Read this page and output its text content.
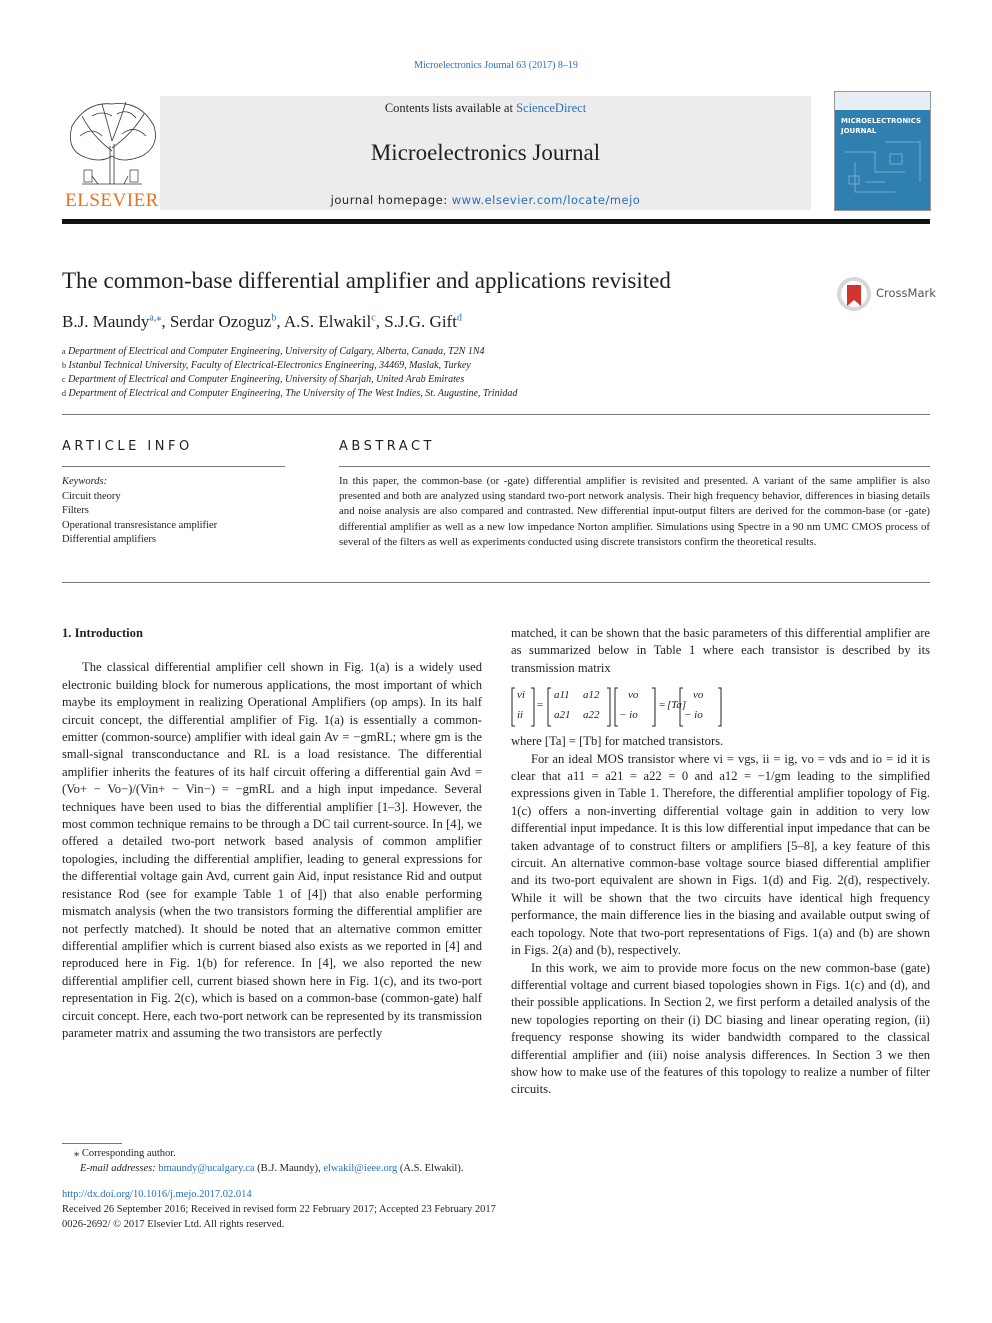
Microelectronics Journal 63 (2017) 8–19
ELSEVIER
Contents lists available at ScienceDirect
Microelectronics Journal
journal homepage: www.elsevier.com/locate/mejo
MICROELECTRONICS JOURNAL
The common-base differential amplifier and applications revisited	CrossMark
B.J. Maundy$^{a,⁎}$, Serdar Ozoguz$^b$, A.S. Elwakil$^c$, S.J.G. Gift$^d$
$^a$ Department of Electrical and Computer Engineering, University of Calgary, Alberta, Canada, T2N 1N4
$^b$ Istanbul Technical University, Faculty of Electrical-Electronics Engineering, 34469, Maslak, Turkey
$^c$ Department of Electrical and Computer Engineering, University of Sharjah, United Arab Emirates
$^d$ Department of Electrical and Computer Engineering, The University of The West Indies, St. Augustine, Trinidad
ARTICLE INFO	ABSTRACT
Keywords:
Circuit theory
Filters
Operational transresistance amplifier
Differential amplifiers
In this paper, the common-base (or -gate) differential amplifier is revisited and presented. A variant of the same amplifier is also presented and both are analyzed using standard two-port network analysis. Their high frequency behavior, differences in biasing details and noise analysis are also compared and contrasted. New differential input-output filters are derived for the common-base (or -gate) differential amplifier as well as a new low impedance Norton amplifier. Simulations using Spectre in a 90 nm UMC CMOS process of several of the filters as well as experiments conducted using discrete transistors confirm the theoretical results.
1. Introduction

The classical differential amplifier cell shown in Fig. 1(a) is a widely used electronic building block for numerous applications, the most important of which maybe its employment in realizing Operational Amplifiers (op amps). In its half circuit concept, the differential amplifier of Fig. 1(a) is essentially a common-emitter (common-source) amplifier with ideal gain Av = −gmRL; where gm is the small-signal transconductance and RL is a load resistance. The differential amplifier inherits the features of its half circuit offering a differential gain Avd = (Vo+ − Vo−)/(Vin+ − Vin−) = −gmRL and a high input impedance. Several techniques have been used to bias the differential amplifier [1–3]. However, the most common technique remains to be through a DC tail current-source. In [4], we offered a detailed two-port network based analysis of common amplifier topologies, including the differential amplifier, leading to general expressions for the differential voltage gain Avd, current gain Aid, input resistance Rid and output resistance Rod (see for example Table 1 of [4]) that also enable performing mismatch analysis (when the two transistors forming the differential amplifier are not perfectly matched). It should be noted that an alternative common emitter differential amplifier which is current biased also exists as we reported in [4] and reproduced here in Fig. 1(b) for reference. In [4], we also reported the new differential amplifier cell, current biased shown here in Fig. 1(c), and its two-port representation in Fig. 2(c), which is based on a common-base (common-gate) half circuit concept. Here, each two-port network can be represented by its transmission parameter matrix and assuming the two transistors are perfectly

matched, it can be shown that the basic parameters of this differential amplifier are as summarized below in Table 1 where each transistor is described by its transmission matrix

vi
ii
=
a11 a12
a21 a22
vo
− io
= [Ta]
vo
− io

where [Ta] = [Tb] for matched transistors.

For an ideal MOS transistor where vi = vgs, ii = ig, vo = vds and io = id it is clear that a11 = a21 = a22 = 0 and a12 = −1/gm leading to the simplified expressions given in Table 1. Therefore, the differential amplifier topology of Fig. 1(c) offers a non-inverting differential voltage gain in addition to very low differential input impedance. It is this low differential input impedance that can be taken advantage of to construct filters or amplifiers [5–8], a key feature of this circuit. An alternative common-base voltage source biased differential amplifier and its two-port equivalent are shown in Figs. 1(d) and Fig. 2(d), respectively. While it will be shown that the two circuits have identical high frequency performance, the main difference lies in the biasing and available output swing of each topology. Note that two-port representations of Figs. 1(a) and (b) are shown in Figs. 2(a) and (b), respectively.

In this work, we aim to provide more focus on the new common-base (gate) differential voltage and current biased topologies shown in Figs. 1(c) and (d), and their possible applications. In Section 2, we first perform a detailed analysis of the new topologies reporting on their (i) DC biasing and linear operating region, (ii) frequency response showing its wider bandwidth compared to the classical differential amplifier and (iii) noise analysis differences. In Section 3 we then show how to make use of the features of this topology to realize a number of filter circuits.

⁎ Corresponding author.
E-mail addresses: bmaundy@ucalgary.ca (B.J. Maundy), elwakil@ieee.org (A.S. Elwakil).
http://dx.doi.org/10.1016/j.mejo.2017.02.014
Received 26 September 2016; Received in revised form 22 February 2017; Accepted 23 February 2017
0026-2692/ © 2017 Elsevier Ltd. All rights reserved.
